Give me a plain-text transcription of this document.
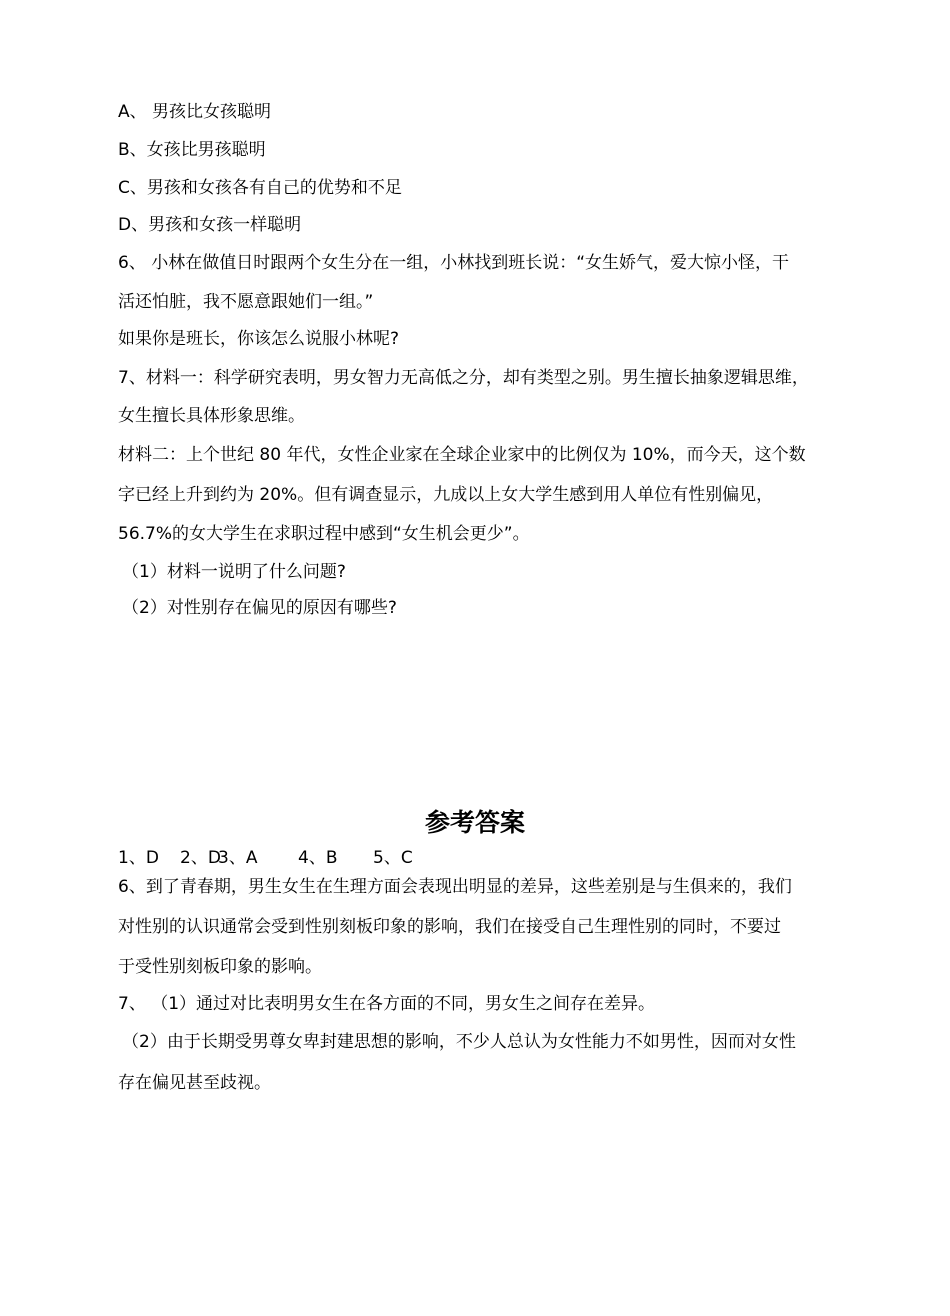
A、 男孩比女孩聪明
B、女孩比男孩聪明
C、男孩和女孩各有自己的优势和不足
D、男孩和女孩一样聪明
6、 小林在做值日时跟两个女生分在一组，小林找到班长说：“女生娇气，爱大惊小怪，干
活还怕脏，我不愿意跟她们一组。”
如果你是班长，你该怎么说服小林呢?
7、材料一：科学研究表明，男女智力无高低之分，却有类型之别。男生擅长抽象逻辑思维，
女生擅长具体形象思维。
材料二：上个世纪 80 年代，女性企业家在全球企业家中的比例仅为 10%，而今天，这个数
字已经上升到约为 20%。但有调查显示，九成以上女大学生感到用人单位有性别偏见，
56.7%的女大学生在求职过程中感到“女生机会更少”。
（1）材料一说明了什么问题?
（2）对性别存在偏见的原因有哪些?
参考答案
1、D 2、D3、A 4、B 5、C
6、到了青春期，男生女生在生理方面会表现出明显的差异，这些差别是与生俱来的，我们
对性别的认识通常会受到性别刻板印象的影响，我们在接受自己生理性别的同时，不要过
于受性别刻板印象的影响。
7、 （1）通过对比表明男女生在各方面的不同，男女生之间存在差异。
（2）由于长期受男尊女卑封建思想的影响，不少人总认为女性能力不如男性，因而对女性
存在偏见甚至歧视。
